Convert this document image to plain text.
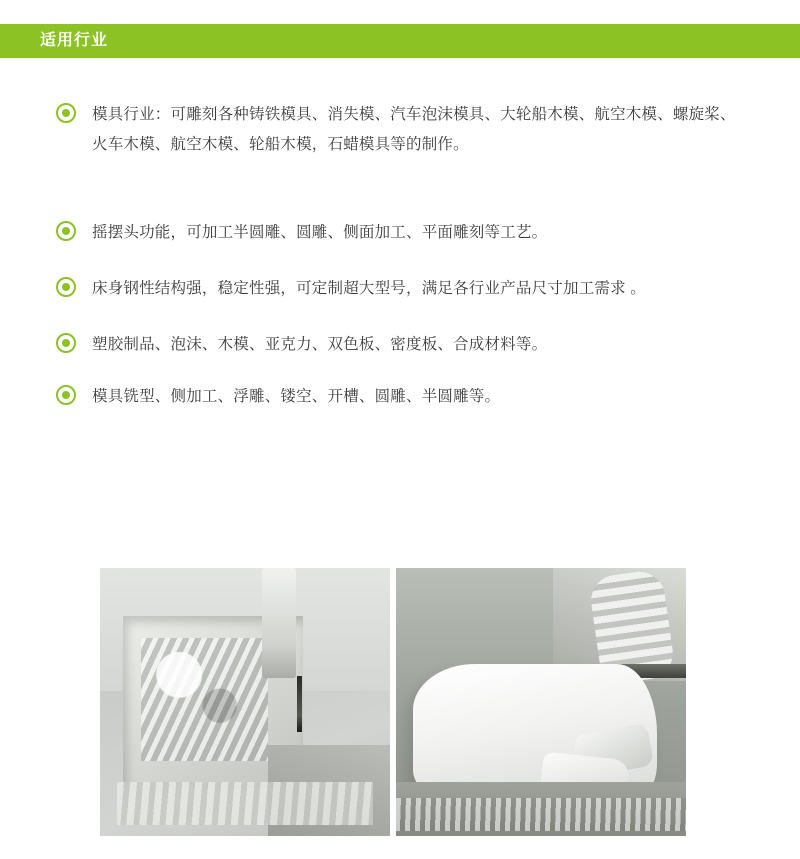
适用行业
模具行业：可雕刻各种铸铁模具、消失模、汽车泡沫模具、大轮船木模、航空木模、螺旋桨、火车木模、航空木模、轮船木模，石蜡模具等的制作。
摇摆头功能，可加工半圆雕、圆雕、侧面加工、平面雕刻等工艺。
床身钢性结构强，稳定性强，可定制超大型号，满足各行业产品尺寸加工需求 。
塑胶制品、泡沫、木模、亚克力、双色板、密度板、合成材料等。
模具铣型、侧加工、浮雕、镂空、开槽、圆雕、半圆雕等。
